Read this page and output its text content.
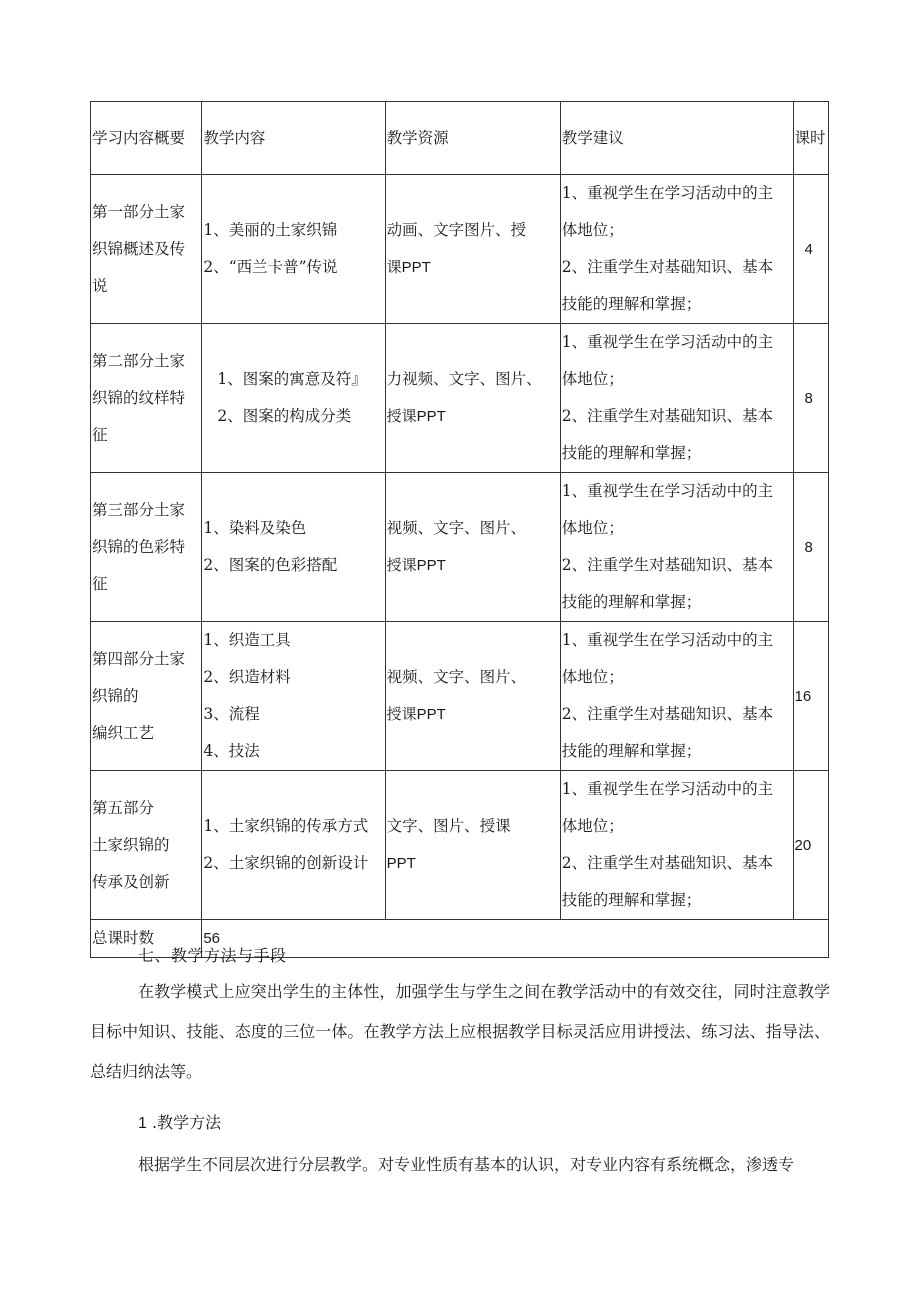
学习内容概要	教学内容	教学资源	教学建议	课时

第一部分土家
织锦概述及传
说	1、美丽的土家织锦
2、“西兰卡普”传说	动画、文字图片、授
课PPT	1、重视学生在学习活动中的主
体地位；
2、注重学生对基础知识、基本
技能的理解和掌握；	4

第二部分土家
织锦的纹样特
征	1、图案的寓意及符』
2、图案的构成分类	力视频、文字、图片、
授课PPT	1、重视学生在学习活动中的主
体地位；
2、注重学生对基础知识、基本
技能的理解和掌握；	8

第三部分土家
织锦的色彩特
征	1、染料及染色
2、图案的色彩搭配	视频、文字、图片、
授课PPT	1、重视学生在学习活动中的主
体地位；
2、注重学生对基础知识、基本
技能的理解和掌握；	8

第四部分土家
织锦的
编织工艺	1、织造工具
2、织造材料
3、流程
4、技法	视频、文字、图片、
授课PPT	1、重视学生在学习活动中的主
体地位；
2、注重学生对基础知识、基本
技能的理解和掌握；	16

第五部分
土家织锦的
传承及创新	1、土家织锦的传承方式
2、土家织锦的创新设计	文字、图片、授课
PPT	1、重视学生在学习活动中的主
体地位；
2、注重学生对基础知识、基本
技能的理解和掌握；	20
总课时数	56			
七、教学方法与手段
在教学模式上应突出学生的主体性，加强学生与学生之间在教学活动中的有效交往，同时注意教学目标中知识、技能、态度的三位一体。在教学方法上应根据教学目标灵活应用讲授法、练习法、指导法、总结归纳法等。
1 .教学方法
根据学生不同层次进行分层教学。对专业性质有基本的认识，对专业内容有系统概念，渗透专
